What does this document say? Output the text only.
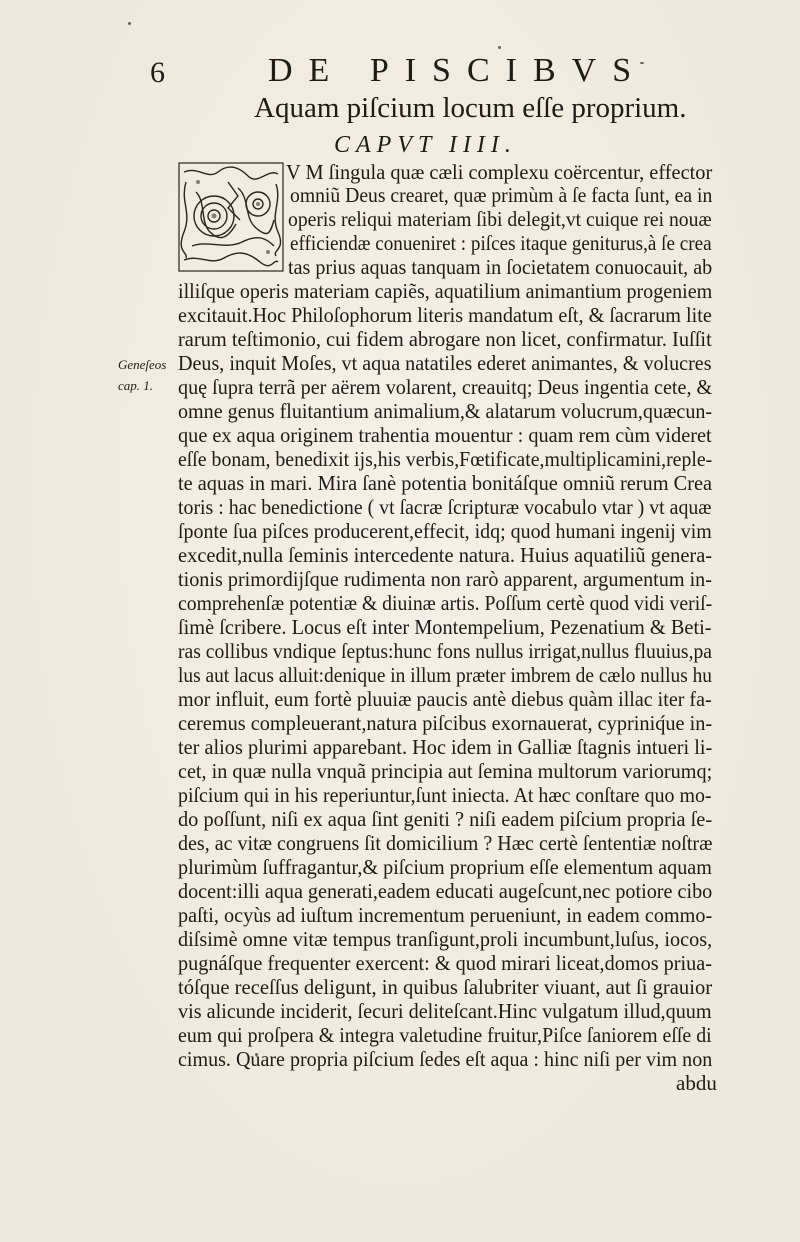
6	DE PISCIBVS
Aquam piſcium locum eſſe proprium.
CAPVT IIII.
Geneſeos
cap. 1.
V M ſingula quæ cæli complexu coërcentur, effector
omniũ Deus crearet, quæ primùm à ſe facta ſunt, ea in
operis reliqui materiam ſibi delegit,vt cuique rei nouæ
efficiendæ conueniret : piſces itaque geniturus,à ſe crea
tas prius aquas tanquam in ſocietatem conuocauit, ab
illiſque operis materiam capiẽs, aquatilium animantium progeniem
excitauit.Hoc Philoſophorum literis mandatum eſt, & ſacrarum lite
rarum teſtimonio, cui fidem abrogare non licet, confirmatur. Iuſſit
Deus, inquit Moſes, vt aqua natatiles ederet animantes, & volucres
quę ſupra terrã per aërem volarent, creauitq; Deus ingentia cete, &
omne genus fluitantium animalium,& alatarum volucrum,quæcun-
que ex aqua originem trahentia mouentur : quam rem cùm videret
eſſe bonam, benedixit ijs,his verbis,Fœtificate,multiplicamini,reple-
te aquas in mari. Mira ſanè potentia bonitáſque omniũ rerum Crea
toris : hac benedictione ( vt ſacræ ſcripturæ vocabulo vtar ) vt aquæ
ſponte ſua piſces producerent,effecit, idq; quod humani ingenij vim
excedit,nulla ſeminis intercedente natura. Huius aquatiliũ genera-
tionis primordijſque rudimenta non rarò apparent, argumentum in-
comprehenſæ potentiæ & diuinæ artis. Poſſum certè quod vidi veriſ-
ſimè ſcribere. Locus eſt inter Montempelium, Pezenatium & Beti-
ras collibus vndique ſeptus:hunc fons nullus irrigat,nullus fluuius,pa
lus aut lacus alluit:denique in illum præter imbrem de cælo nullus hu
mor influit, eum fortè pluuiæ paucis antè diebus quàm illac iter fa-
ceremus compleuerant,natura piſcibus exornauerat, cypriniq́ue in-
ter alios plurimi apparebant. Hoc idem in Galliæ ſtagnis intueri li-
cet, in quæ nulla vnquã principia aut ſemina multorum variorumq;
piſcium qui in his reperiuntur,ſunt iniecta. At hæc conſtare quo mo-
do poſſunt, niſi ex aqua ſint geniti ? niſi eadem piſcium propria ſe-
des, ac vitæ congruens ſit domicilium ? Hæc certè ſententiæ noſtræ
plurimùm ſuffragantur,& piſcium proprium eſſe elementum aquam
docent:illi aqua generati,eadem educati augeſcunt,nec potiore cibo
paſti, ocyùs ad iuſtum incrementum perueniunt, in eadem commo-
diſsimè omne vitæ tempus tranſigunt,proli incumbunt,luſus, iocos,
pugnáſque frequenter exercent: & quod mirari liceat,domos priua-
tóſque receſſus deligunt, in quibus ſalubriter viuant, aut ſi grauior
vis alicunde inciderit, ſecuri deliteſcant.Hinc vulgatum illud,quum
eum qui proſpera & integra valetudine fruitur,Piſce ſaniorem eſſe di
cimus. Quare propria piſcium ſedes eſt aqua : hinc niſi per vim non
abdu
